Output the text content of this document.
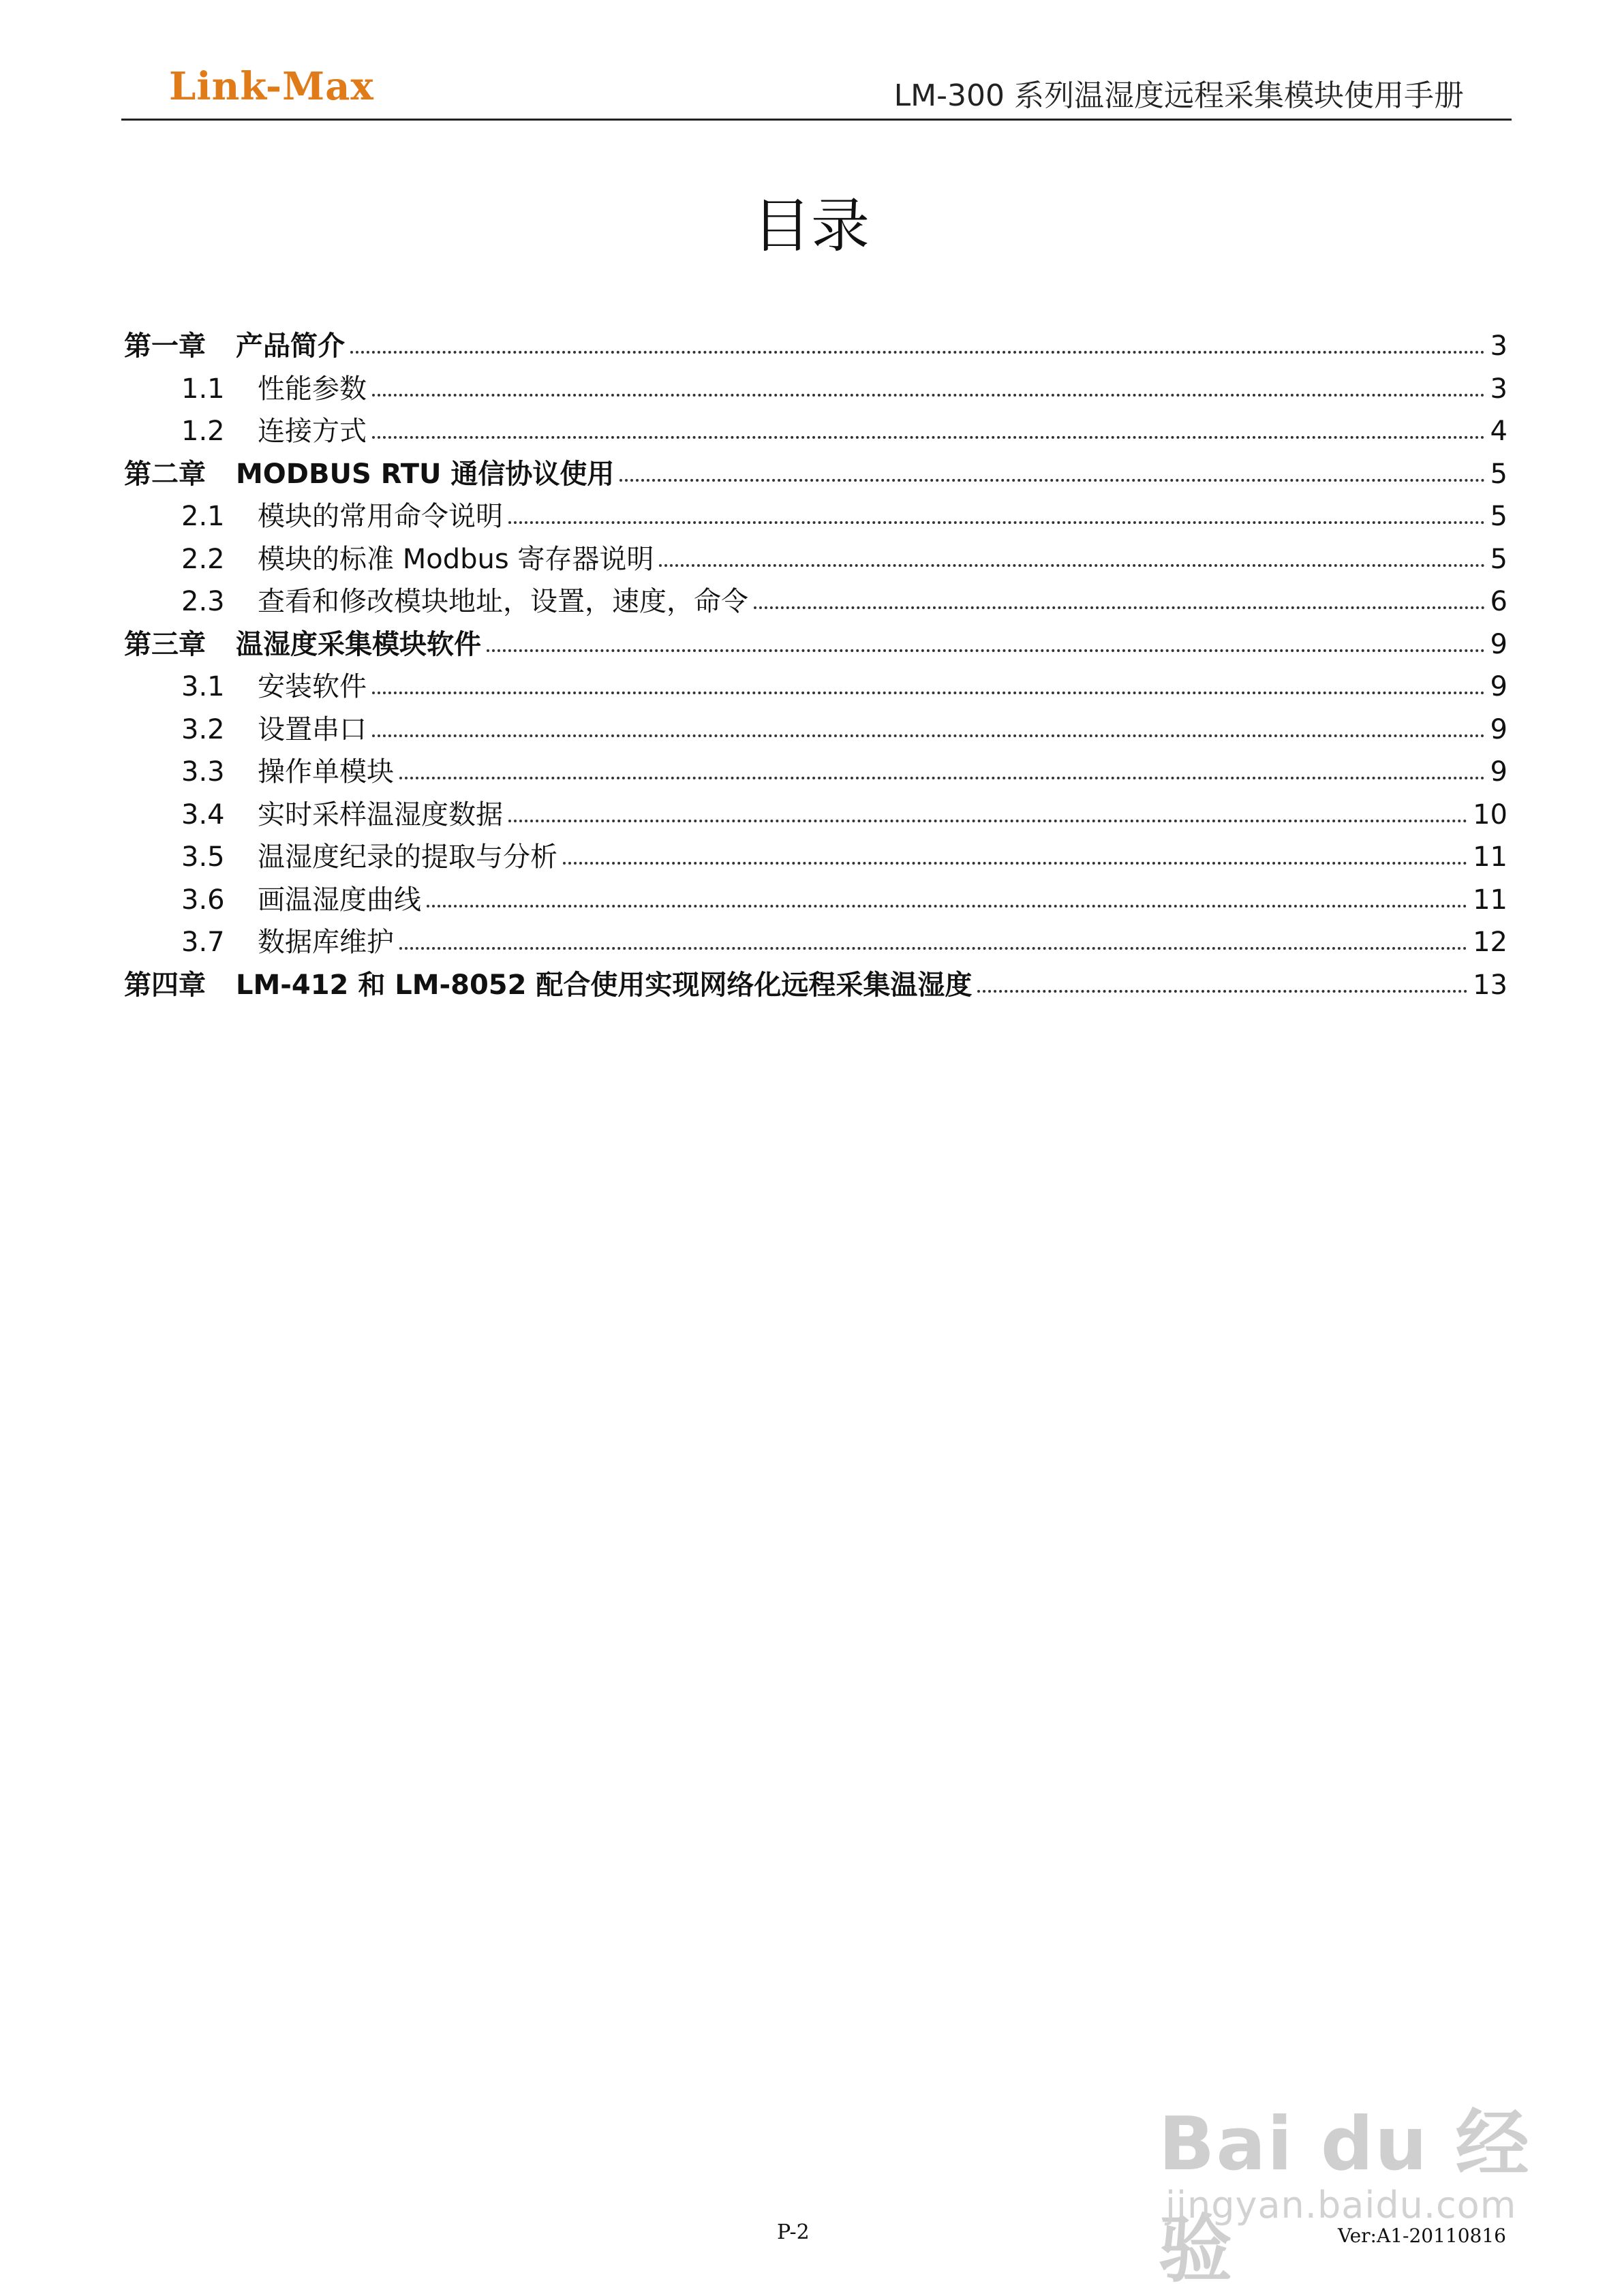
Link-Max	LM-300 系列温湿度远程采集模块使用手册
目录
第一章 产品简介	3
1.1	性能参数	3
1.2	连接方式	4
第二章 MODBUS RTU 通信协议使用	5
2.1	模块的常用命令说明	5
2.2	模块的标准 Modbus 寄存器说明	5
2.3	查看和修改模块地址，设置，速度，命令	6
第三章 温湿度采集模块软件	9
3.1	安装软件	9
3.2	设置串口	9
3.3	操作单模块	9
3.4	实时采样温湿度数据	10
3.5	温湿度纪录的提取与分析	11
3.6	画温湿度曲线	11
3.7	数据库维护	12
第四章 LM-412 和 LM-8052 配合使用实现网络化远程采集温湿度	13
P-2	Ver:A1-20110816
Bai du 经验
jingyan.baidu.com
